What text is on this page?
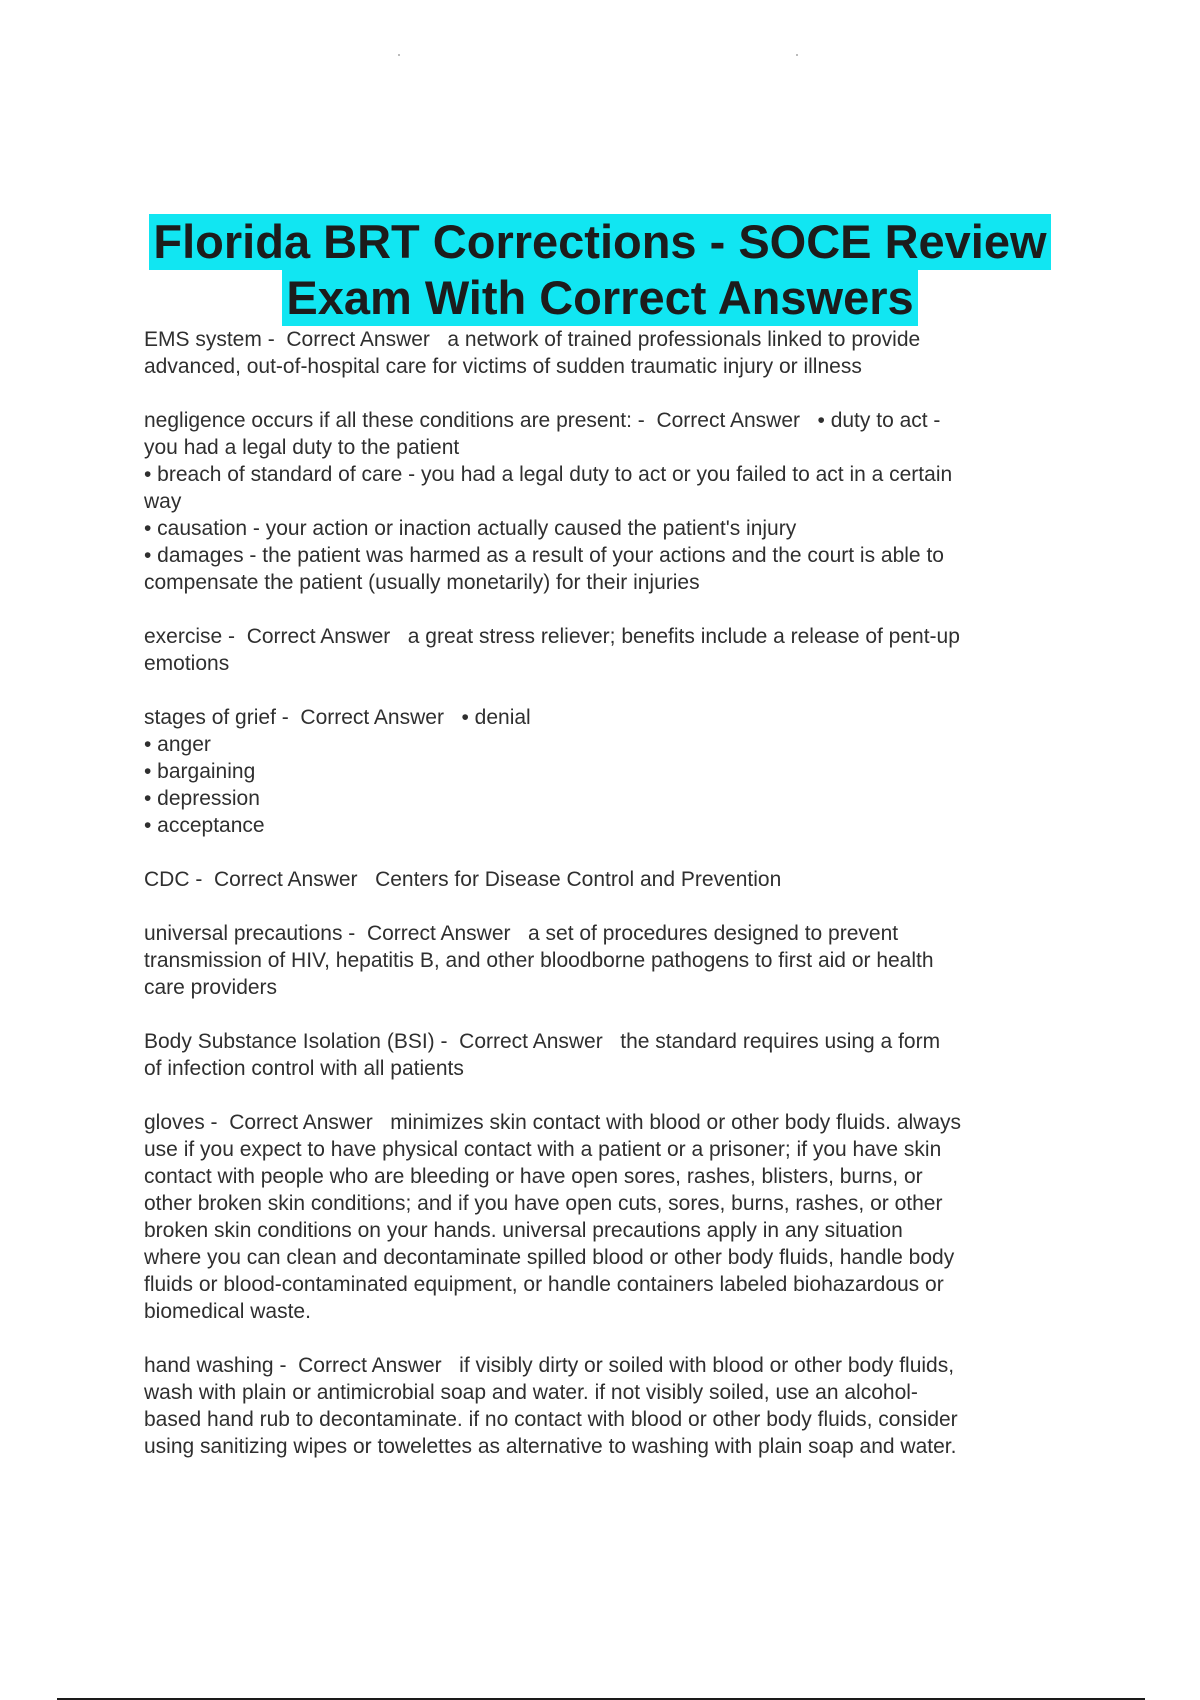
Florida BRT Corrections - SOCE Review
Exam With Correct Answers
EMS system -  Correct Answer a network of trained professionals linked to provide
advanced, out-of-hospital care for victims of sudden traumatic injury or illness
negligence occurs if all these conditions are present: -  Correct Answer • duty to act -
you had a legal duty to the patient
• breach of standard of care - you had a legal duty to act or you failed to act in a certain
way
• causation - your action or inaction actually caused the patient's injury
• damages - the patient was harmed as a result of your actions and the court is able to
compensate the patient (usually monetarily) for their injuries
exercise -  Correct Answer a great stress reliever; benefits include a release of pent-up
emotions
stages of grief -  Correct Answer • denial
• anger
• bargaining
• depression
• acceptance
CDC -  Correct Answer Centers for Disease Control and Prevention
universal precautions -  Correct Answer a set of procedures designed to prevent
transmission of HIV, hepatitis B, and other bloodborne pathogens to first aid or health
care providers
Body Substance Isolation (BSI) -  Correct Answer the standard requires using a form
of infection control with all patients
gloves -  Correct Answer minimizes skin contact with blood or other body fluids. always
use if you expect to have physical contact with a patient or a prisoner; if you have skin
contact with people who are bleeding or have open sores, rashes, blisters, burns, or
other broken skin conditions; and if you have open cuts, sores, burns, rashes, or other
broken skin conditions on your hands. universal precautions apply in any situation
where you can clean and decontaminate spilled blood or other body fluids, handle body
fluids or blood-contaminated equipment, or handle containers labeled biohazardous or
biomedical waste.
hand washing -  Correct Answer if visibly dirty or soiled with blood or other body fluids,
wash with plain or antimicrobial soap and water. if not visibly soiled, use an alcohol-
based hand rub to decontaminate. if no contact with blood or other body fluids, consider
using sanitizing wipes or towelettes as alternative to washing with plain soap and water.
